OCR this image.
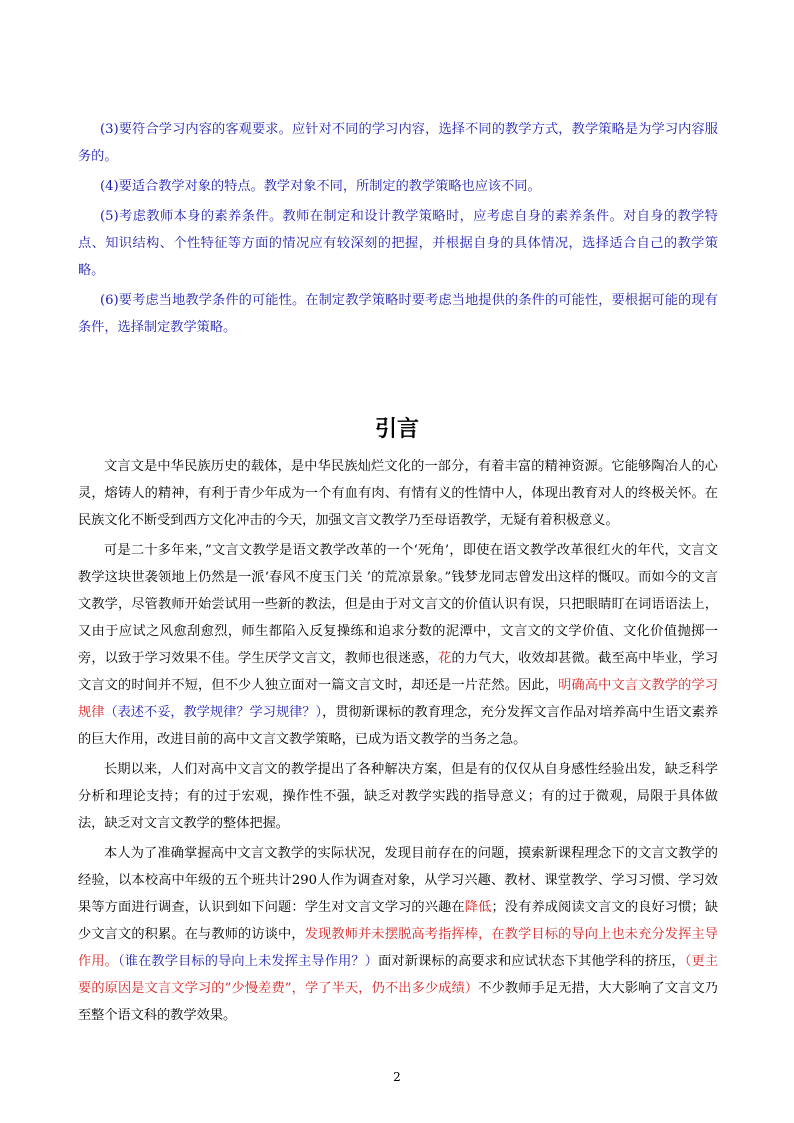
(3)要符合学习内容的客观要求。应针对不同的学习内容，选择不同的教学方式，教学策略是为学习内容服务的。

(4)要适合教学对象的特点。教学对象不同，所制定的教学策略也应该不同。

(5)考虑教师本身的素养条件。教师在制定和设计教学策略时，应考虑自身的素养条件。对自身的教学特点、知识结构、个性特征等方面的情况应有较深刻的把握，并根据自身的具体情况，选择适合自己的教学策略。

(6)要考虑当地教学条件的可能性。在制定教学策略时要考虑当地提供的条件的可能性，要根据可能的现有条件，选择制定教学策略。

引言

文言文是中华民族历史的载体，是中华民族灿烂文化的一部分，有着丰富的精神资源。它能够陶冶人的心灵，熔铸人的精神，有利于青少年成为一个有血有肉、有情有义的性情中人，体现出教育对人的终极关怀。在民族文化不断受到西方文化冲击的今天，加强文言文教学乃至母语教学，无疑有着积极意义。

可是二十多年来，”文言文教学是语文教学改革的一个‘死角’，即使在语文教学改革很红火的年代，文言文教学这块世袭领地上仍然是一派‘春风不度玉门关 ’的荒凉景象。”钱梦龙同志曾发出这样的慨叹。而如今的文言文教学，尽管教师开始尝试用一些新的教法，但是由于对文言文的价值认识有误，只把眼睛盯在词语语法上，又由于应试之风愈刮愈烈，师生都陷入反复操练和追求分数的泥潭中，文言文的文学价值、文化价值抛掷一旁，以致于学习效果不佳。学生厌学文言文，教师也很迷惑，花的力气大，收效却甚微。截至高中毕业，学习文言文的时间并不短，但不少人独立面对一篇文言文时，却还是一片茫然。因此，明确高中文言文教学的学习规律（表述不妥，教学规律？学习规律？），贯彻新课标的教育理念，充分发挥文言作品对培养高中生语文素养的巨大作用，改进目前的高中文言文教学策略，已成为语文教学的当务之急。

长期以来，人们对高中文言文的教学提出了各种解决方案，但是有的仅仅从自身感性经验出发，缺乏科学分析和理论支持；有的过于宏观，操作性不强，缺乏对教学实践的指导意义；有的过于微观，局限于具体做法，缺乏对文言文教学的整体把握。

本人为了准确掌握高中文言文教学的实际状况，发现目前存在的问题，摸索新课程理念下的文言文教学的经验，以本校高中年级的五个班共计290人作为调查对象，从学习兴趣、教材、课堂教学、学习习惯、学习效果等方面进行调查，认识到如下问题：学生对文言文学习的兴趣在降低；没有养成阅读文言文的良好习惯；缺少文言文的积累。在与教师的访谈中，发现教师并未摆脱高考指挥棒，在教学目标的导向上也未充分发挥主导作用。（谁在教学目标的导向上未发挥主导作用？）面对新课标的高要求和应试状态下其他学科的挤压，（更主要的原因是文言文学习的”少慢差费”，学了半天，仍不出多少成绩）不少教师手足无措，大大影响了文言文乃至整个语文科的教学效果。

2
